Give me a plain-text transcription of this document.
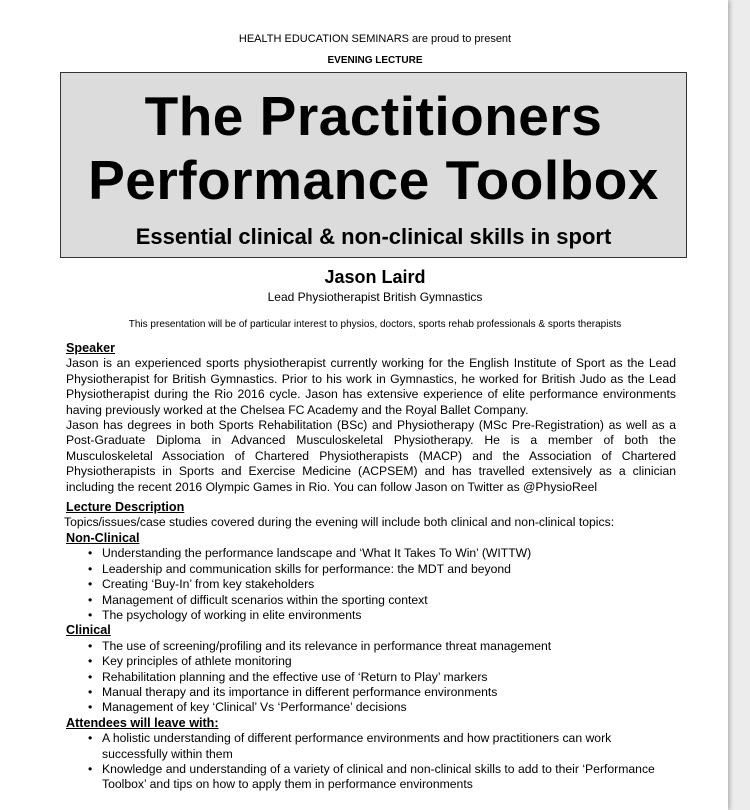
HEALTH EDUCATION SEMINARS are proud to present
EVENING LECTURE
The Practitioners
Performance Toolbox
Essential clinical & non-clinical skills in sport
Jason Laird
Lead Physiotherapist British Gymnastics
This presentation will be of particular interest to physios, doctors, sports rehab professionals & sports therapists
Speaker
Jason is an experienced sports physiotherapist currently working for the English Institute of Sport as the Lead Physiotherapist for British Gymnastics. Prior to his work in Gymnastics, he worked for British Judo as the Lead Physiotherapist during the Rio 2016 cycle. Jason has extensive experience of elite performance environments having previously worked at the Chelsea FC Academy and the Royal Ballet Company.
Jason has degrees in both Sports Rehabilitation (BSc) and Physiotherapy (MSc Pre-Registration) as well as a Post-Graduate Diploma in Advanced Musculoskeletal Physiotherapy. He is a member of both the Musculoskeletal Association of Chartered Physiotherapists (MACP) and the Association of Chartered Physiotherapists in Sports and Exercise Medicine (ACPSEM) and has travelled extensively as a clinician including the recent 2016 Olympic Games in Rio. You can follow Jason on Twitter as @PhysioReel
Lecture Description
Topics/issues/case studies covered during the evening will include both clinical and non-clinical topics:
Non-Clinical
• Understanding the performance landscape and ‘What It Takes To Win’ (WITTW)
• Leadership and communication skills for performance: the MDT and beyond
• Creating ‘Buy-In’ from key stakeholders
• Management of difficult scenarios within the sporting context
• The psychology of working in elite environments
Clinical
• The use of screening/profiling and its relevance in performance threat management
• Key principles of athlete monitoring
• Rehabilitation planning and the effective use of ‘Return to Play’ markers
• Manual therapy and its importance in different performance environments
• Management of key ‘Clinical’ Vs ‘Performance’ decisions
Attendees will leave with:
• A holistic understanding of different performance environments and how practitioners can work successfully within them
• Knowledge and understanding of a variety of clinical and non-clinical skills to add to their ‘Performance Toolbox’ and tips on how to apply them in performance environments
